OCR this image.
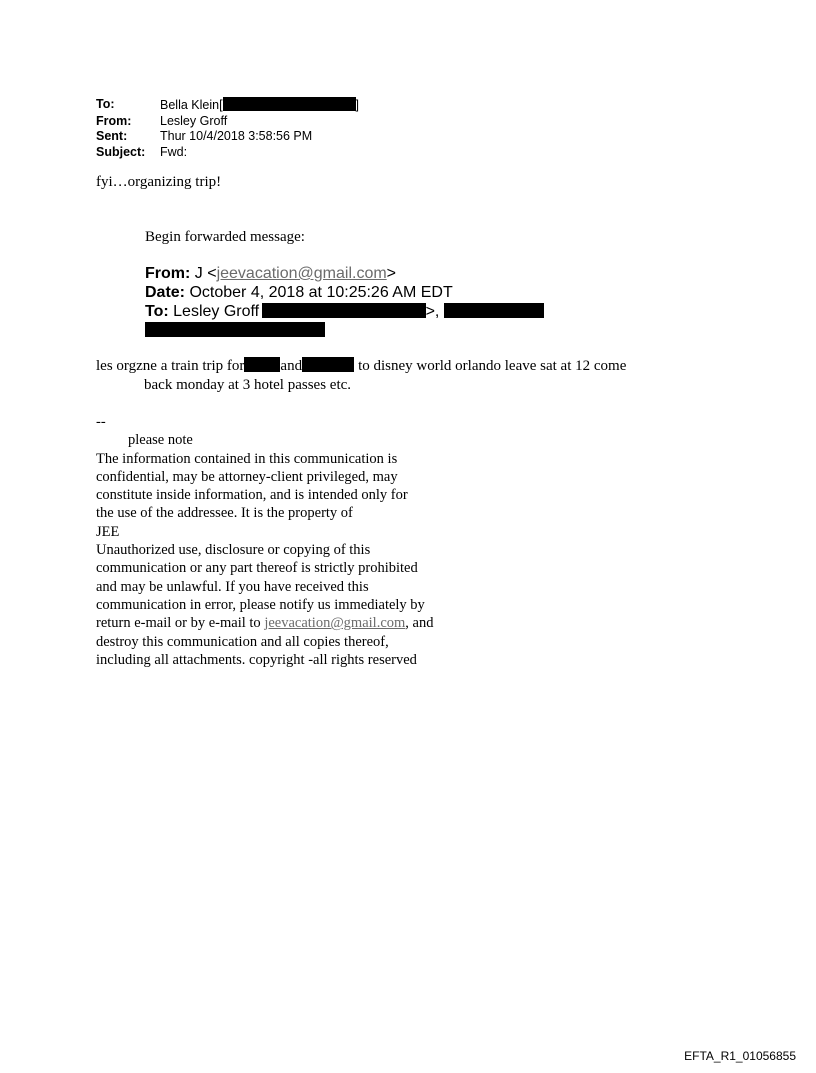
To:	Bella Klein[	]
From:	Lesley Groff
Sent:	Thur 10/4/2018 3:58:56 PM
Subject:	Fwd:
fyi…organizing trip!
Begin forwarded message:
From: J <jeevacation@gmail.com>
Date: October 4, 2018 at 10:25:26 AM EDT
To: Lesley Groff	>,
les orgzne a train trip for and	to disney world orlando leave sat at 12 come
back monday at 3 hotel passes etc.
--
please note
The information contained in this communication is
confidential, may be attorney-client privileged, may
constitute inside information, and is intended only for
the use of the addressee. It is the property of
JEE
Unauthorized use, disclosure or copying of this
communication or any part thereof is strictly prohibited
and may be unlawful. If you have received this
communication in error, please notify us immediately by
return e-mail or by e-mail to jeevacation@gmail.com, and
destroy this communication and all copies thereof,
including all attachments. copyright -all rights reserved
EFTA_R1_01056855
